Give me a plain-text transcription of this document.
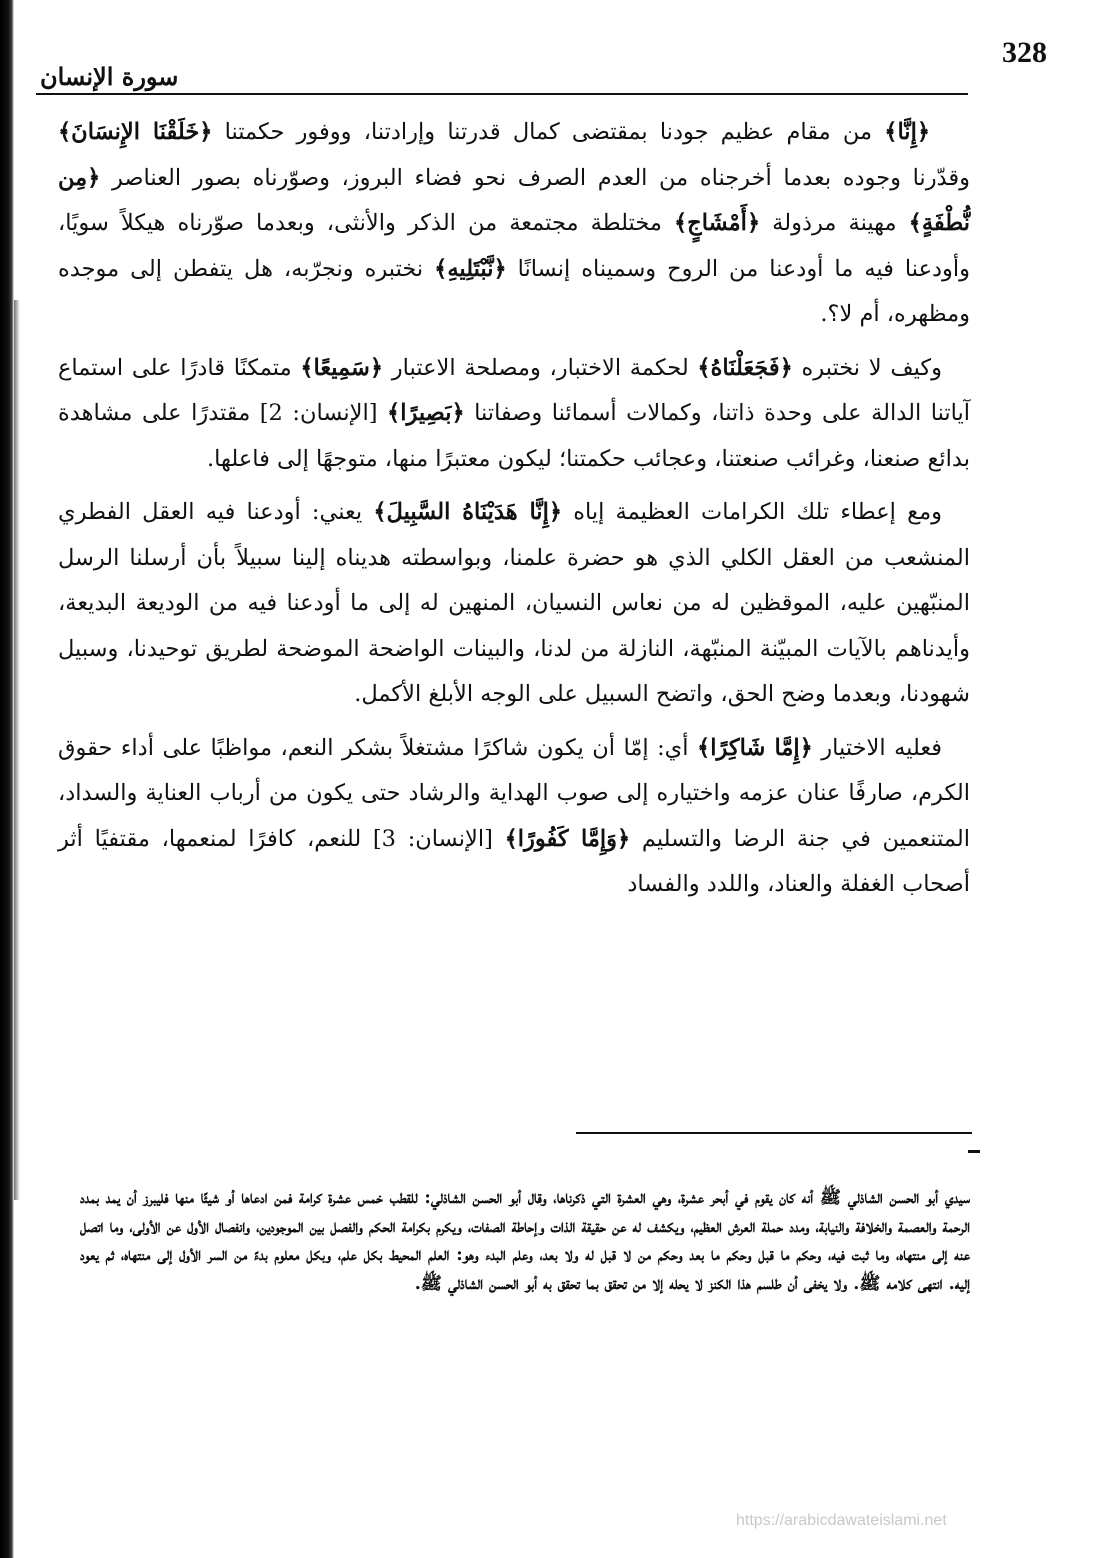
سورة الإنسان
328

﴿إِنَّا﴾ من مقام عظيم جودنا بمقتضى كمال قدرتنا وإرادتنا، ووفور حكمتنا ﴿خَلَقْنَا الإِنسَانَ﴾ وقدّرنا وجوده بعدما أخرجناه من العدم الصرف نحو فضاء البروز، وصوّرناه بصور العناصر ﴿مِن نُّطْفَةٍ﴾ مهينة مرذولة ﴿أَمْشَاجٍ﴾ مختلطة مجتمعة من الذكر والأنثى، وبعدما صوّرناه هيكلاً سويًا، وأودعنا فيه ما أودعنا من الروح وسميناه إنسانًا ﴿نَّبْتَلِيهِ﴾ نختبره ونجرّبه، هل يتفطن إلى موجده ومظهره، أم لا؟.

وكيف لا نختبره ﴿فَجَعَلْنَاهُ﴾ لحكمة الاختبار، ومصلحة الاعتبار ﴿سَمِيعًا﴾ متمكنًا قادرًا على استماع آياتنا الدالة على وحدة ذاتنا، وكمالات أسمائنا وصفاتنا ﴿بَصِيرًا﴾ [الإنسان: 2] مقتدرًا على مشاهدة بدائع صنعنا، وغرائب صنعتنا، وعجائب حكمتنا؛ ليكون معتبرًا منها، متوجهًا إلى فاعلها.

ومع إعطاء تلك الكرامات العظيمة إياه ﴿إِنَّا هَدَيْنَاهُ السَّبِيلَ﴾ يعني: أودعنا فيه العقل الفطري المنشعب من العقل الكلي الذي هو حضرة علمنا، وبواسطته هديناه إلينا سبيلاً بأن أرسلنا الرسل المنبّهين عليه، الموقظين له من نعاس النسيان، المنهين له إلى ما أودعنا فيه من الوديعة البديعة، وأيدناهم بالآيات المبيّنة المنبّهة، النازلة من لدنا، والبينات الواضحة الموضحة لطريق توحيدنا، وسبيل شهودنا، وبعدما وضح الحق، واتضح السبيل على الوجه الأبلغ الأكمل.

فعليه الاختيار ﴿إِمَّا شَاكِرًا﴾ أي: إمّا أن يكون شاكرًا مشتغلاً بشكر النعم، مواظبًا على أداء حقوق الكرم، صارفًا عنان عزمه واختياره إلى صوب الهداية والرشاد حتى يكون من أرباب العناية والسداد، المتنعمين في جنة الرضا والتسليم ﴿وَإِمَّا كَفُورًا﴾ [الإنسان: 3] للنعم، كافرًا لمنعمها، مقتفيًا أثر أصحاب الغفلة والعناد، واللدد والفساد

سيدي أبو الحسن الشاذلي ﷺ أنه كان يقوم في أبحر عشرة، وهي العشرة التي ذكرناها، وقال أبو الحسن الشاذلي: للقطب خمس عشرة كرامة فمن ادعاها أو شيئًا منها فليبرز أن يمد بمدد الرحمة والعصمة والخلافة والنيابة، ومدد حملة العرش العظيم، ويكشف له عن حقيقة الذات وإحاطة الصفات، ويكرم بكرامة الحكم والفصل بين الموجودين، وانفصال الأول عن الأولى، وما اتصل عنه إلى منتهاه، وما ثبت فيه، وحكم ما قبل وحكم ما بعد وحكم من لا قبل له ولا بعد، وعلم البدء وهو: العلم المحيط بكل علم، وبكل معلوم بدءً من السر الأول إلى منتهاه، ثم يعود إليه. انتهى كلامه ﷺ. ولا يخفى أن طلسم هذا الكنز لا يحله إلا من تحقق بما تحقق به أبو الحسن الشاذلي ﷺ.
https://arabicdawateislami.net
